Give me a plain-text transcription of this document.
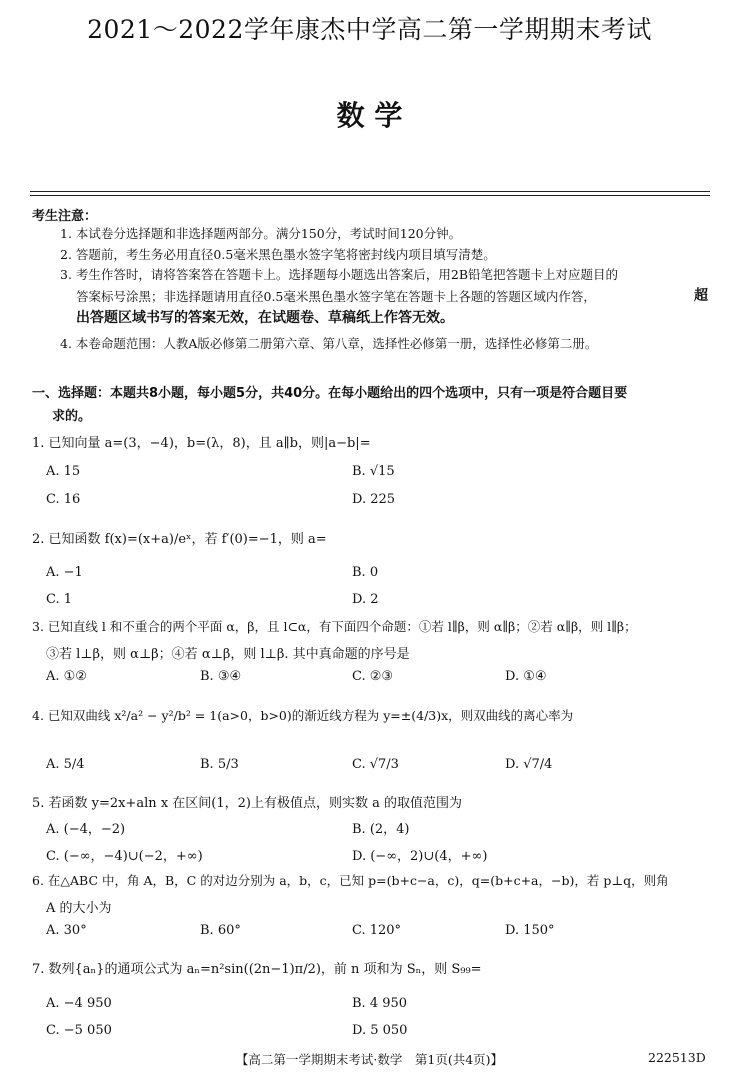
2021～2022学年康杰中学高二第一学期期末考试
数 学
考生注意：
1. 本试卷分选择题和非选择题两部分。满分150分，考试时间120分钟。
2. 答题前，考生务必用直径0.5毫米黑色墨水签字笔将密封线内项目填写清楚。
3. 考生作答时，请将答案答在答题卡上。选择题每小题选出答案后，用2B铅笔把答题卡上对应题目的
答案标号涂黑；非选择题请用直径0.5毫米黑色墨水签字笔在答题卡上各题的答题区域内作答，	超
出答题区域书写的答案无效，在试题卷、草稿纸上作答无效。
4. 本卷命题范围：人教A版必修第二册第六章、第八章，选择性必修第一册，选择性必修第二册。
一、选择题：本题共8小题，每小题5分，共40分。在每小题给出的四个选项中，只有一项是符合题目要
求的。
1. 已知向量 a=(3，−4)，b=(λ，8)，且 a∥b，则|a−b|=
A. 15	B. √15
C. 16	D. 225
2. 已知函数 f(x)=(x+a)/eˣ，若 f′(0)=−1，则 a=
A. −1	B. 0
C. 1	D. 2
3. 已知直线 l 和不重合的两个平面 α，β，且 l⊂α，有下面四个命题：①若 l∥β，则 α∥β；②若 α∥β，则 l∥β；
③若 l⊥β，则 α⊥β；④若 α⊥β，则 l⊥β. 其中真命题的序号是
A. ①②	B. ③④	C. ②③	D. ①④
4. 已知双曲线 x²/a² − y²/b² = 1(a>0，b>0)的渐近线方程为 y=±(4/3)x，则双曲线的离心率为
A. 5/4	B. 5/3	C. √7/3	D. √7/4
5. 若函数 y=2x+aln x 在区间(1，2)上有极值点，则实数 a 的取值范围为
A. (−4，−2)	B. (2，4)
C. (−∞，−4)∪(−2，+∞)	D. (−∞，2)∪(4，+∞)
6. 在△ABC 中，角 A，B，C 的对边分别为 a，b，c，已知 p=(b+c−a，c)，q=(b+c+a，−b)，若 p⊥q，则角
A 的大小为
A. 30°	B. 60°	C. 120°	D. 150°
7. 数列{aₙ}的通项公式为 aₙ=n²sin((2n−1)π/2)，前 n 项和为 Sₙ，则 S₉₉=
A. −4 950	B. 4 950
C. −5 050	D. 5 050
【高二第一学期期末考试·数学　第1页(共4页)】	222513D
